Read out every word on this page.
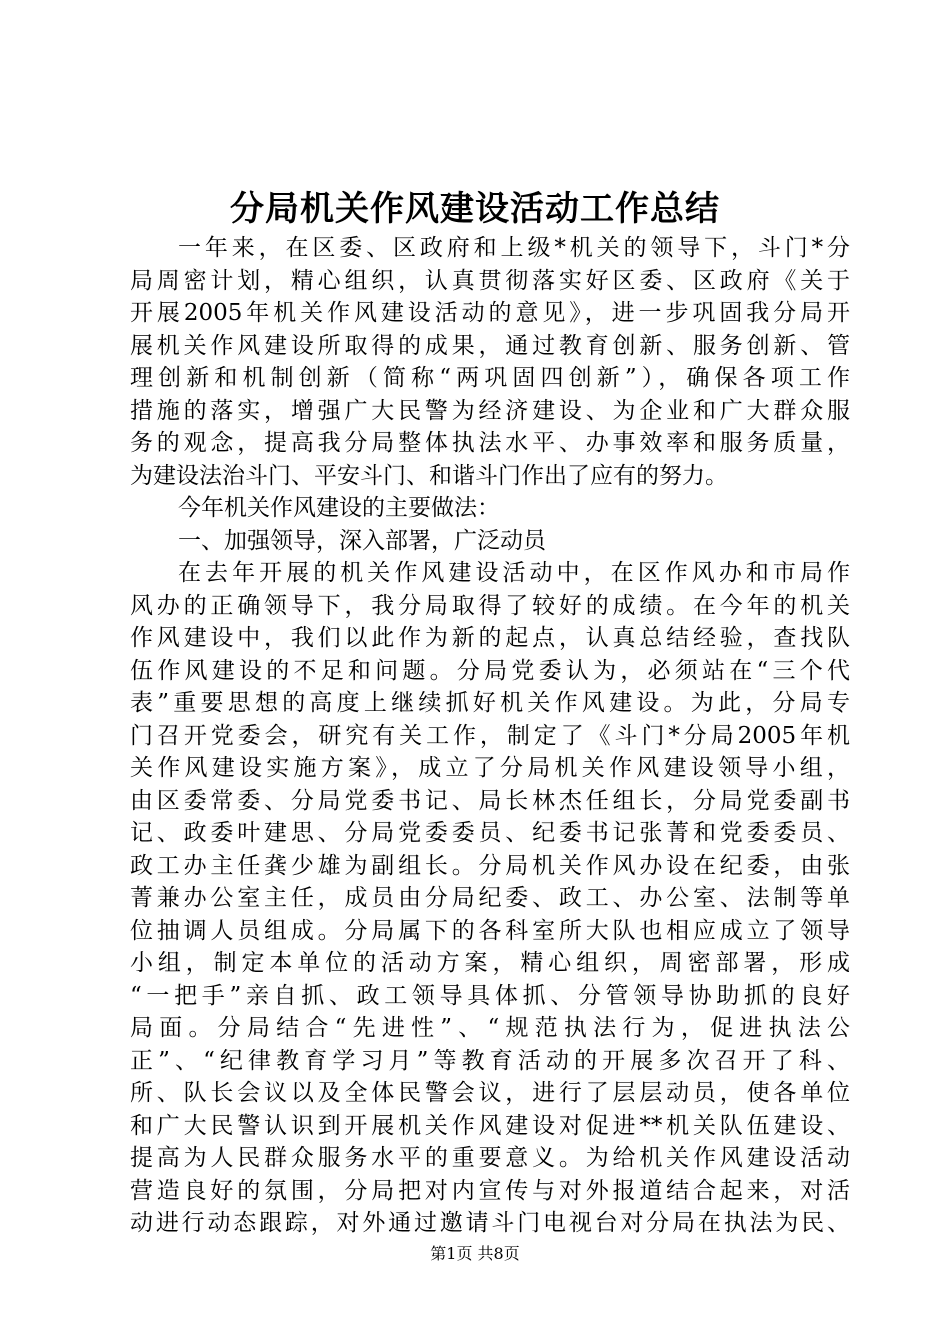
分局机关作风建设活动工作总结
一年来，在区委、区政府和上级*机关的领导下，斗门*分
局周密计划，精心组织，认真贯彻落实好区委、区政府《关于
开展2005年机关作风建设活动的意见》，进一步巩固我分局开
展机关作风建设所取得的成果，通过教育创新、服务创新、管
理创新和机制创新（简称“两巩固四创新”），确保各项工作
措施的落实，增强广大民警为经济建设、为企业和广大群众服
务的观念，提高我分局整体执法水平、办事效率和服务质量，
为建设法治斗门、平安斗门、和谐斗门作出了应有的努力。
今年机关作风建设的主要做法：
一、加强领导，深入部署，广泛动员
在去年开展的机关作风建设活动中，在区作风办和市局作
风办的正确领导下，我分局取得了较好的成绩。在今年的机关
作风建设中，我们以此作为新的起点，认真总结经验，查找队
伍作风建设的不足和问题。分局党委认为，必须站在“三个代
表”重要思想的高度上继续抓好机关作风建设。为此，分局专
门召开党委会，研究有关工作，制定了《斗门*分局2005年机
关作风建设实施方案》，成立了分局机关作风建设领导小组，
由区委常委、分局党委书记、局长林杰任组长，分局党委副书
记、政委叶建思、分局党委委员、纪委书记张菁和党委委员、
政工办主任龚少雄为副组长。分局机关作风办设在纪委，由张
菁兼办公室主任，成员由分局纪委、政工、办公室、法制等单
位抽调人员组成。分局属下的各科室所大队也相应成立了领导
小组，制定本单位的活动方案，精心组织，周密部署，形成
“一把手”亲自抓、政工领导具体抓、分管领导协助抓的良好
局面。分局结合“先进性”、“规范执法行为，促进执法公
正”、“纪律教育学习月”等教育活动的开展多次召开了科、
所、队长会议以及全体民警会议，进行了层层动员，使各单位
和广大民警认识到开展机关作风建设对促进**机关队伍建设、
提高为人民群众服务水平的重要意义。为给机关作风建设活动
营造良好的氛围，分局把对内宣传与对外报道结合起来，对活
动进行动态跟踪，对外通过邀请斗门电视台对分局在执法为民、
第1页 共8页
